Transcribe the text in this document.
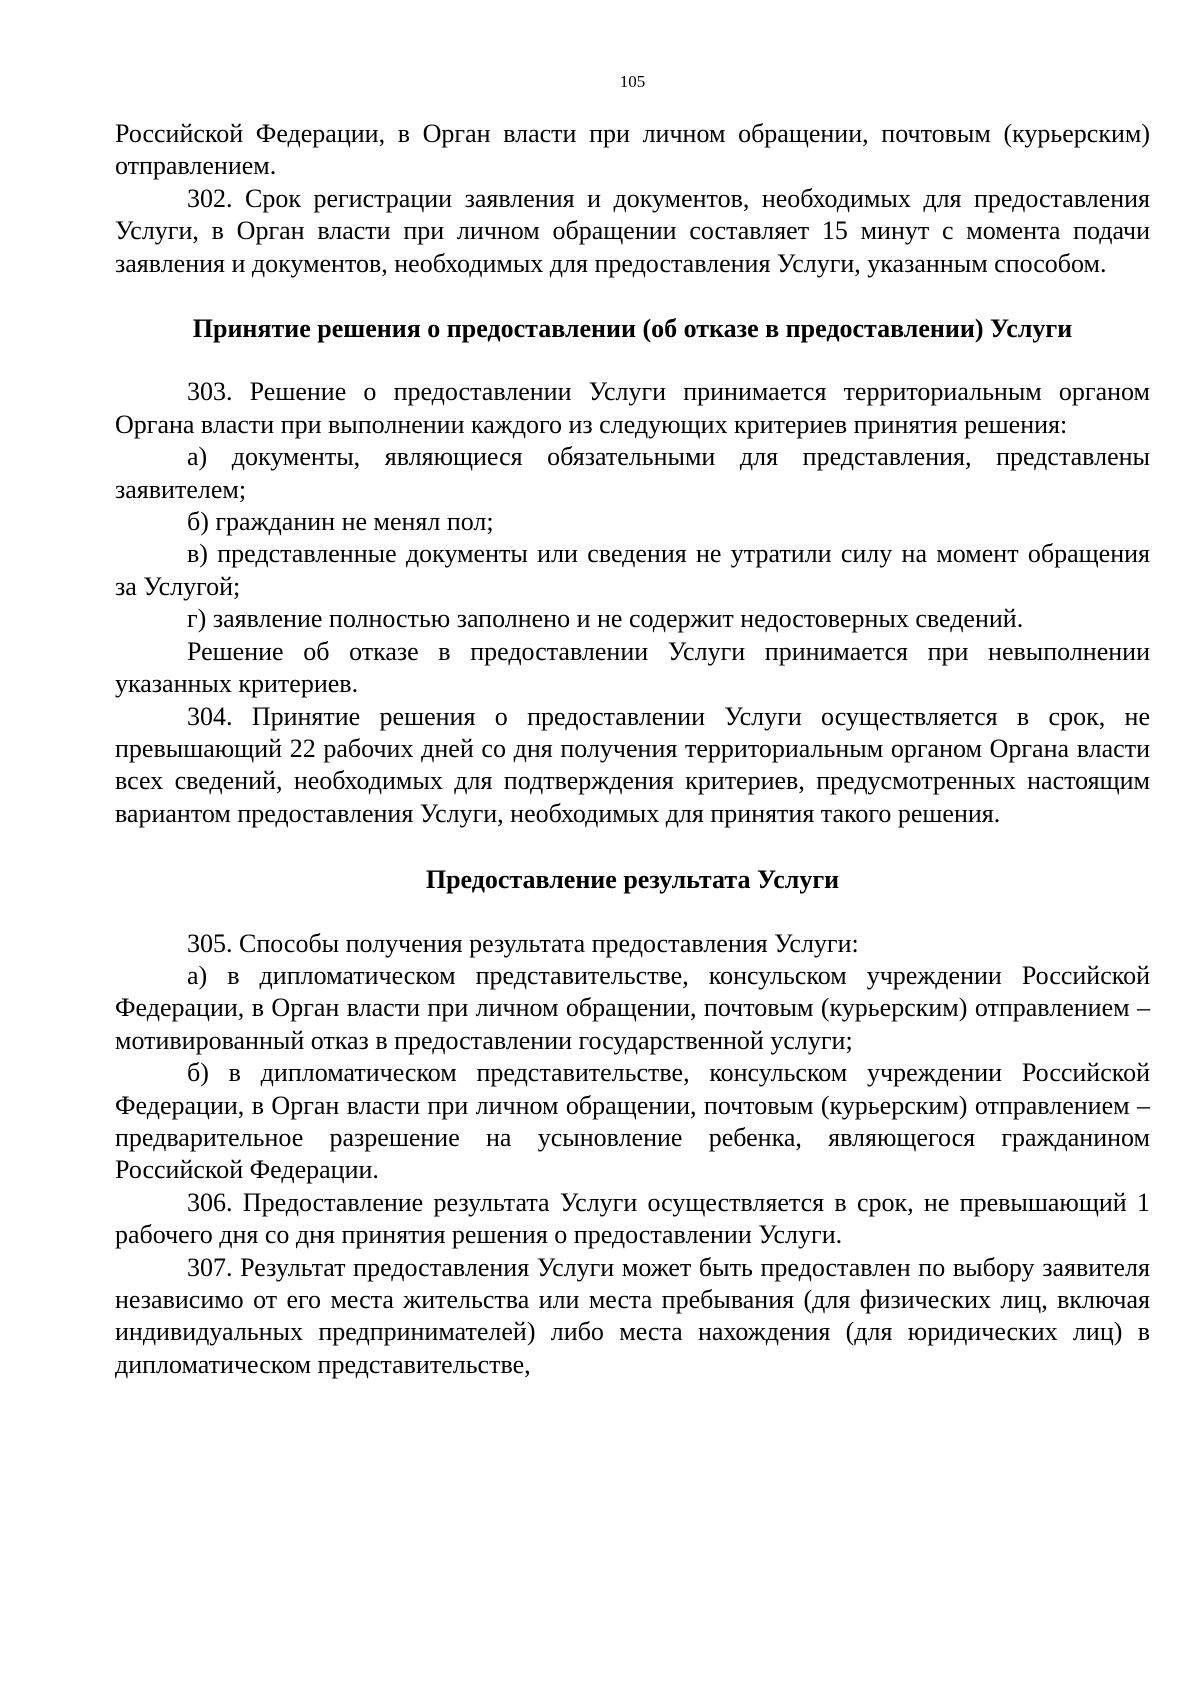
105

Российской Федерации, в Орган власти при личном обращении, почтовым (курьерским) отправлением.

302. Срок регистрации заявления и документов, необходимых для предоставления Услуги, в Орган власти при личном обращении составляет 15 минут с момента подачи заявления и документов, необходимых для предоставления Услуги, указанным способом.

Принятие решения о предоставлении (об отказе в предоставлении) Услуги

303. Решение о предоставлении Услуги принимается территориальным органом Органа власти при выполнении каждого из следующих критериев принятия решения:

а) документы, являющиеся обязательными для представления, представлены заявителем;

б) гражданин не менял пол;

в) представленные документы или сведения не утратили силу на момент обращения за Услугой;

г) заявление полностью заполнено и не содержит недостоверных сведений.

Решение об отказе в предоставлении Услуги принимается при невыполнении указанных критериев.

304. Принятие решения о предоставлении Услуги осуществляется в срок, не превышающий 22 рабочих дней со дня получения территориальным органом Органа власти всех сведений, необходимых для подтверждения критериев, предусмотренных настоящим вариантом предоставления Услуги, необходимых для принятия такого решения.

Предоставление результата Услуги

305. Способы получения результата предоставления Услуги:

а) в дипломатическом представительстве, консульском учреждении Российской Федерации, в Орган власти при личном обращении, почтовым (курьерским) отправлением – мотивированный отказ в предоставлении государственной услуги;

б) в дипломатическом представительстве, консульском учреждении Российской Федерации, в Орган власти при личном обращении, почтовым (курьерским) отправлением – предварительное разрешение на усыновление ребенка, являющегося гражданином Российской Федерации.

306. Предоставление результата Услуги осуществляется в срок, не превышающий 1 рабочего дня со дня принятия решения о предоставлении Услуги.

307. Результат предоставления Услуги может быть предоставлен по выбору заявителя независимо от его места жительства или места пребывания (для физических лиц, включая индивидуальных предпринимателей) либо места нахождения (для юридических лиц) в дипломатическом представительстве,
